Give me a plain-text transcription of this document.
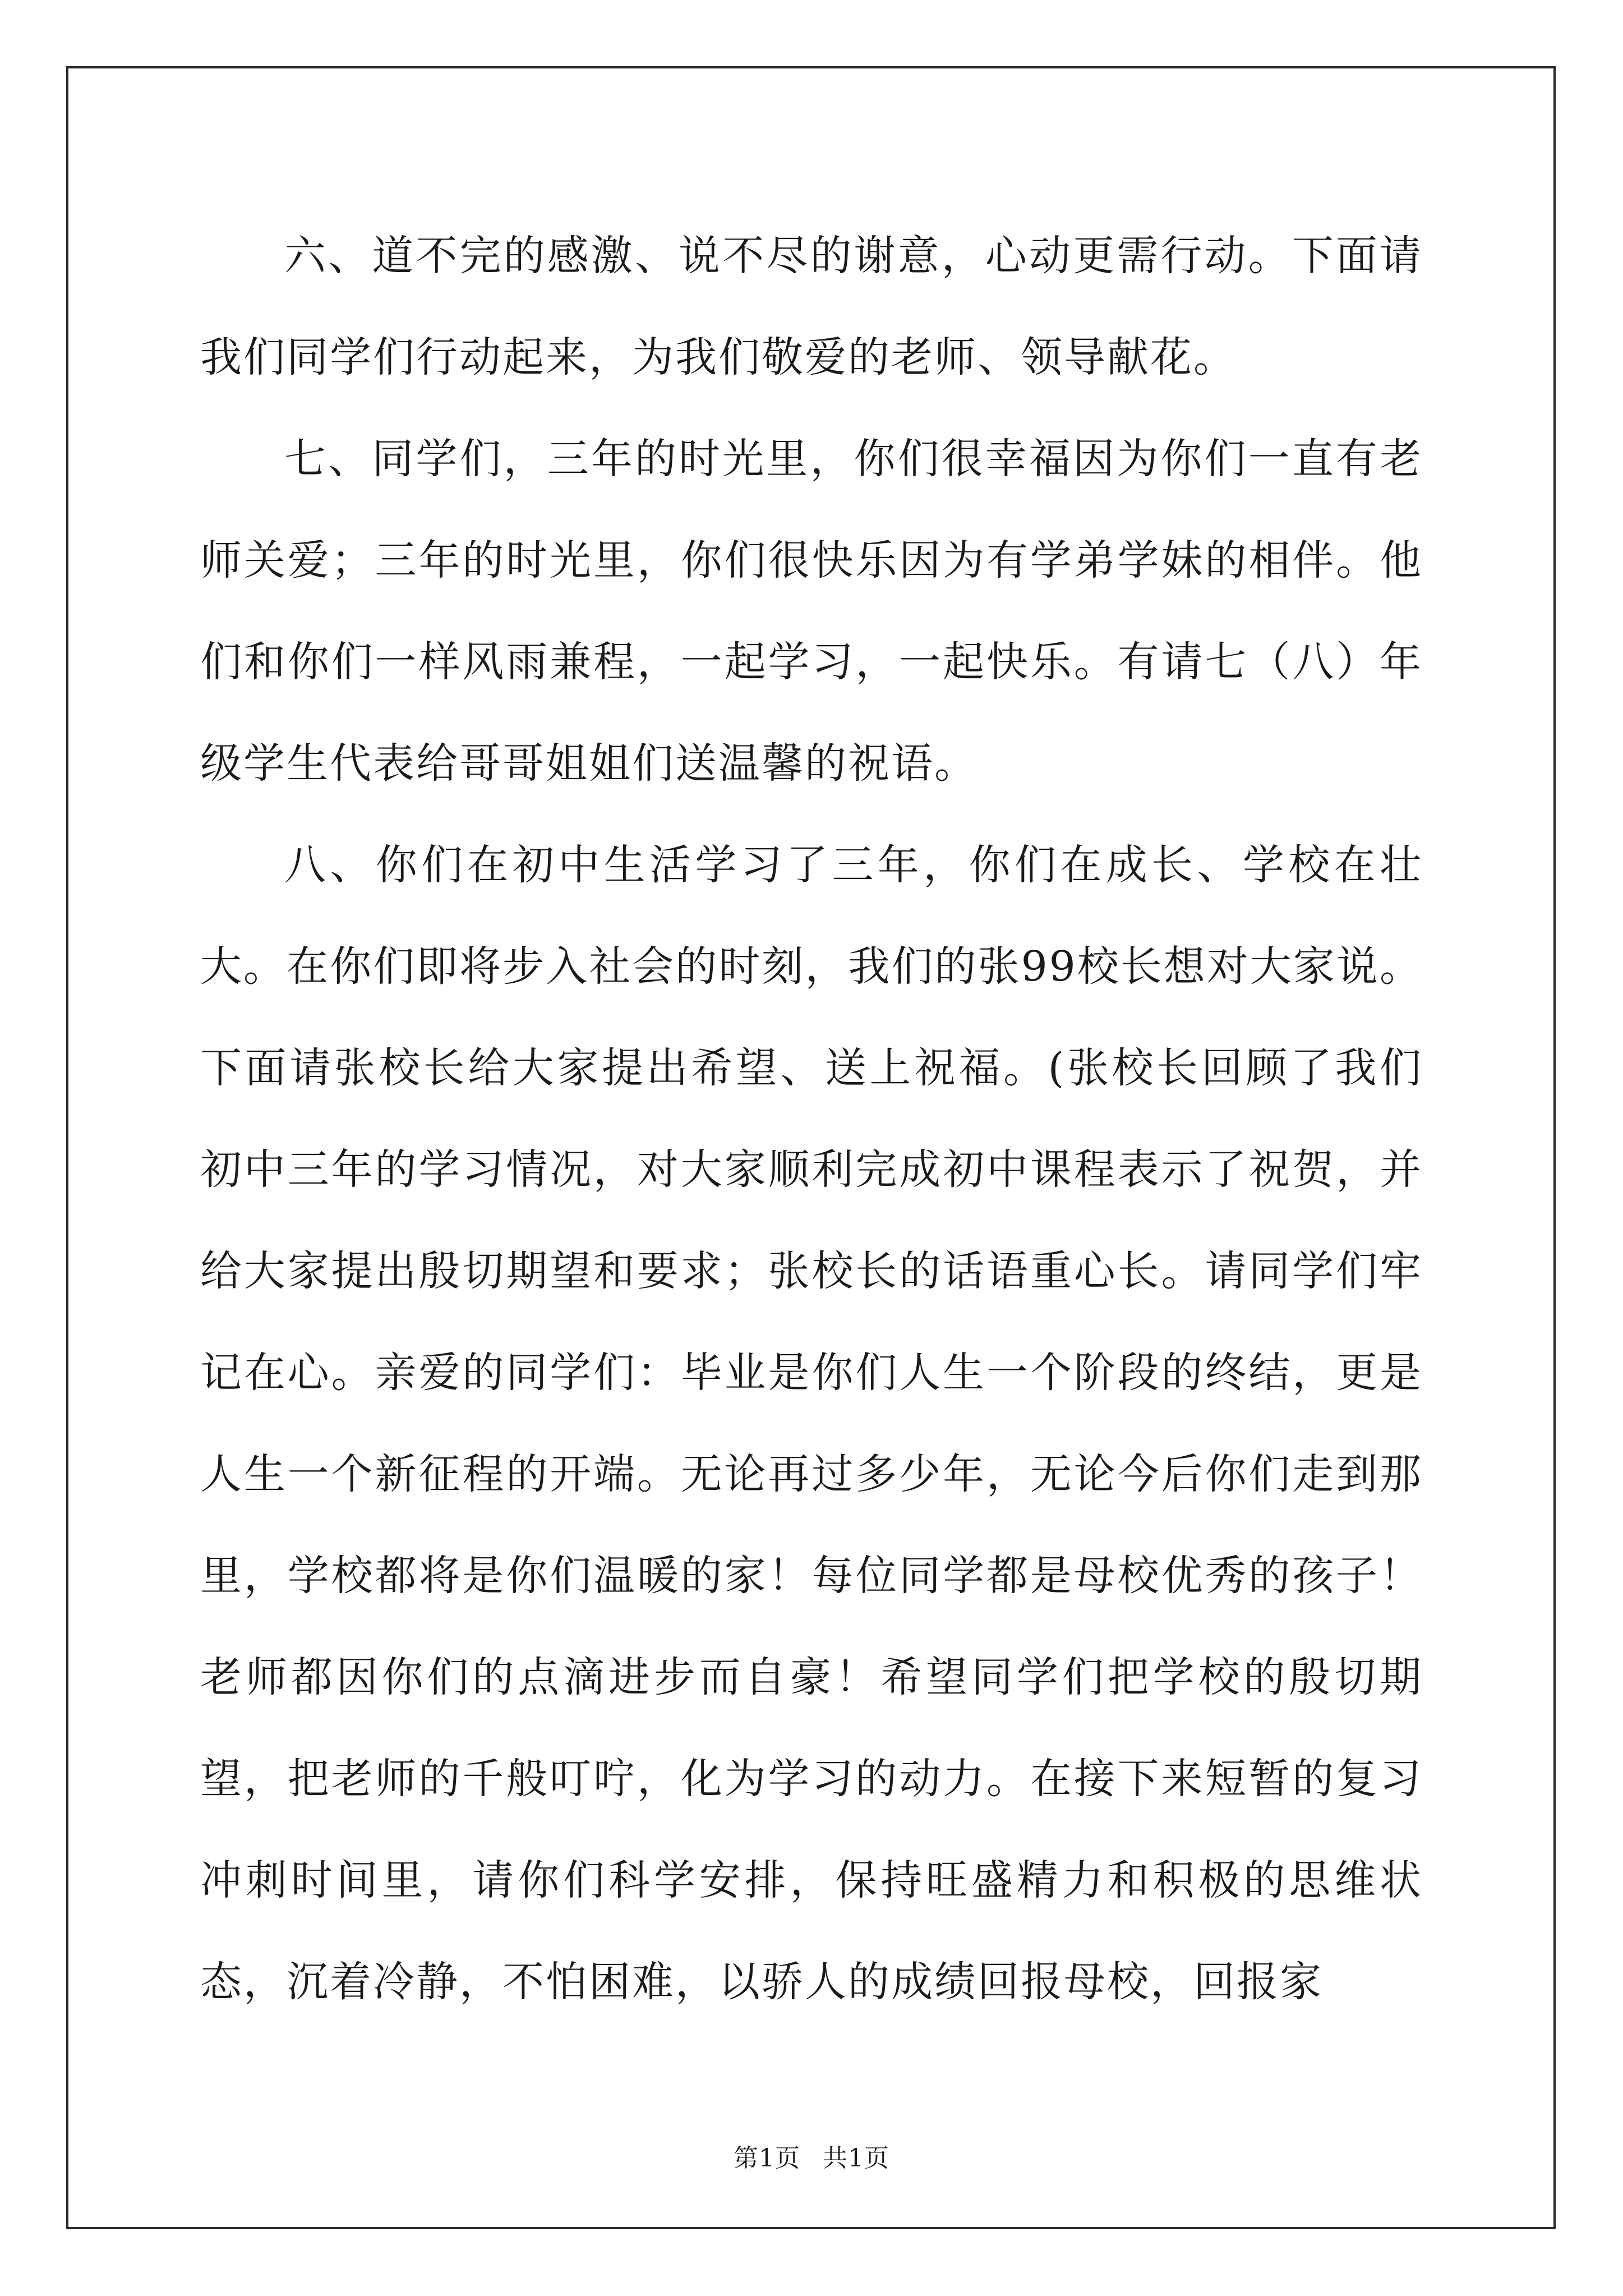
六、道不完的感激、说不尽的谢意，心动更需行动。下面请我们同学们行动起来，为我们敬爱的老师、领导献花。

七、同学们，三年的时光里，你们很幸福因为你们一直有老师关爱；三年的时光里，你们很快乐因为有学弟学妹的相伴。他们和你们一样风雨兼程，一起学习，一起快乐。有请七（八）年级学生代表给哥哥姐姐们送温馨的祝语。

八、你们在初中生活学习了三年，你们在成长、学校在壮大。在你们即将步入社会的时刻，我们的张99校长想对大家说。下面请张校长给大家提出希望、送上祝福。(张校长回顾了我们初中三年的学习情况，对大家顺利完成初中课程表示了祝贺，并给大家提出殷切期望和要求；张校长的话语重心长。请同学们牢记在心。亲爱的同学们：毕业是你们人生一个阶段的终结，更是人生一个新征程的开端。无论再过多少年，无论今后你们走到那里，学校都将是你们温暖的家！每位同学都是母校优秀的孩子！老师都因你们的点滴进步而自豪！希望同学们把学校的殷切期望，把老师的千般叮咛，化为学习的动力。在接下来短暂的复习冲刺时间里，请你们科学安排，保持旺盛精力和积极的思维状态，沉着冷静，不怕困难，以骄人的成绩回报母校，回报家

第1页 共1页
